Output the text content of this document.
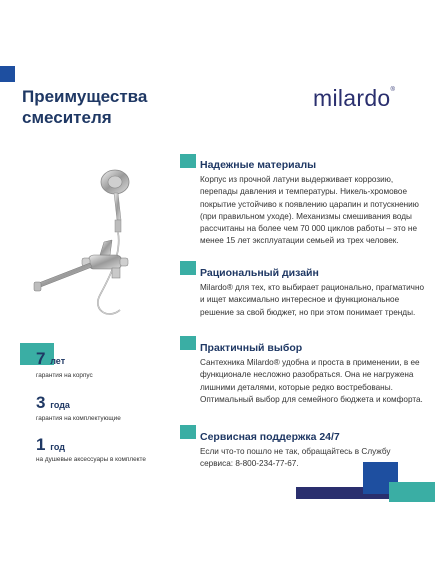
Преимущества
смесителя
milardo®
Надежные материалы
Корпус из прочной латуни выдерживает коррозию, перепады давления и температуры. Никель-хромовое покрытие устойчиво к появлению царапин и потускнению (при правильном уходе). Механизмы смешивания воды рассчитаны на более чем 70 000 циклов работы – это не менее 15 лет эксплуатации семьей из трех человек.
Рациональный дизайн
Milardo® для тех, кто выбирает рационально, прагматично и ищет максимально интересное и функциональное решение за свой бюджет, но при этом понимает тренды.
Практичный выбор
Сантехника Milardo® удобна и проста в применении, в ее функционале несложно разобраться. Она не нагружена лишними деталями, которые редко востребованы. Оптимальный выбор для семейного бюджета и комфорта.
Сервисная поддержка 24/7
Если что-то пошло не так, обращайтесь в Службу сервиса: 8-800-234-77-67.
7 лет
гарантия на корпус
3 года
гарантия на комплектующие
1 год
на душевые аксессуары в комплекте
